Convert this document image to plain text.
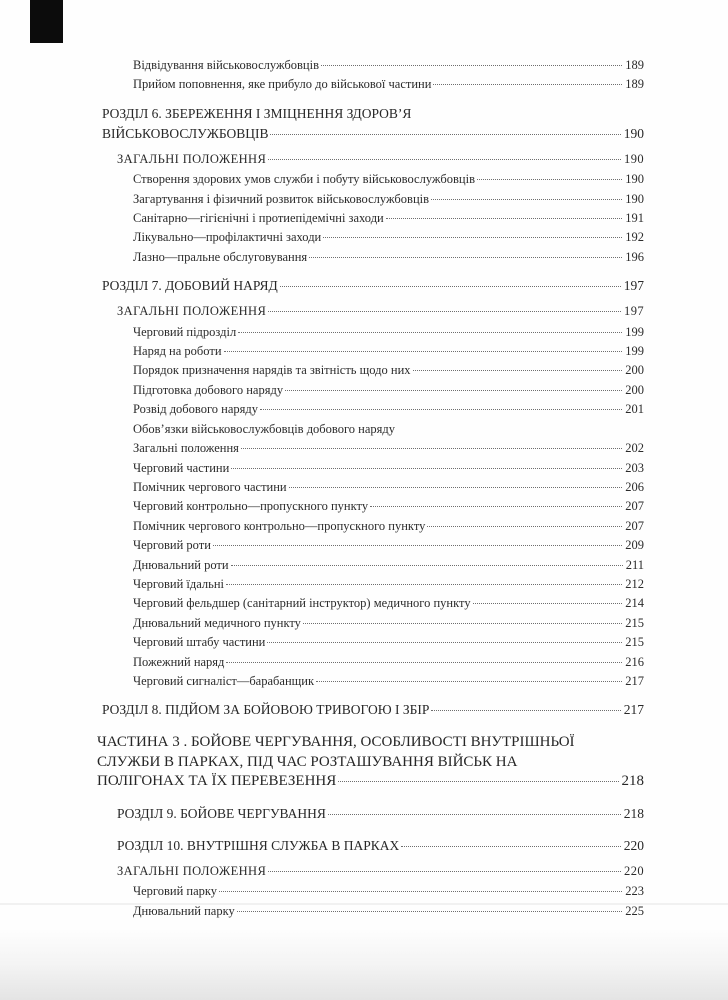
Відвідування військовослужбовців	189
Прийом поповнення, яке прибуло до військової частини	189
РОЗДІЛ 6. ЗБЕРЕЖЕННЯ І ЗМІЦНЕННЯ ЗДОРОВ’Я
ВІЙСЬКОВОСЛУЖБОВЦІВ	190
ЗАГАЛЬНІ ПОЛОЖЕННЯ	190
Створення здорових умов служби і побуту військовослужбовців	190
Загартування і фізичний розвиток військовослужбовців	190
Санітарно—гігієнічні і протиепідемічні заходи	191
Лікувально—профілактичні заходи	192
Лазно—пральне обслуговування	196
РОЗДІЛ 7. ДОБОВИЙ НАРЯД	197
ЗАГАЛЬНІ ПОЛОЖЕННЯ	197
Черговий підрозділ	199
Наряд на роботи	199
Порядок призначення нарядів та звітність щодо них	200
Підготовка добового наряду	200
Розвід добового наряду	201
Обов’язки військовослужбовців добового наряду
Загальні положення	202
Черговий частини	203
Помічник чергового частини	206
Черговий контрольно—пропускного пункту	207
Помічник чергового контрольно—пропускного пункту	207
Черговий роти	209
Днювальний роти	211
Черговий їдальні	212
Черговий фельдшер (санітарний інструктор) медичного пункту	214
Днювальний медичного пункту	215
Черговий штабу частини	215
Пожежний наряд	216
Черговий сигналіст—барабанщик	217
РОЗДІЛ 8. ПІДЙОМ ЗА БОЙОВОЮ ТРИВОГОЮ І ЗБІР	217
ЧАСТИНА 3 . БОЙОВЕ ЧЕРГУВАННЯ, ОСОБЛИВОСТІ ВНУТРІШНЬОЇ
СЛУЖБИ В ПАРКАХ, ПІД ЧАС РОЗТАШУВАННЯ ВІЙСЬК НА
ПОЛІГОНАХ ТА ЇХ ПЕРЕВЕЗЕННЯ	218
РОЗДІЛ 9. БОЙОВЕ ЧЕРГУВАННЯ	218
РОЗДІЛ 10. ВНУТРІШНЯ СЛУЖБА В ПАРКАХ	220
ЗАГАЛЬНІ ПОЛОЖЕННЯ	220
Черговий парку	223
Днювальний парку	225
